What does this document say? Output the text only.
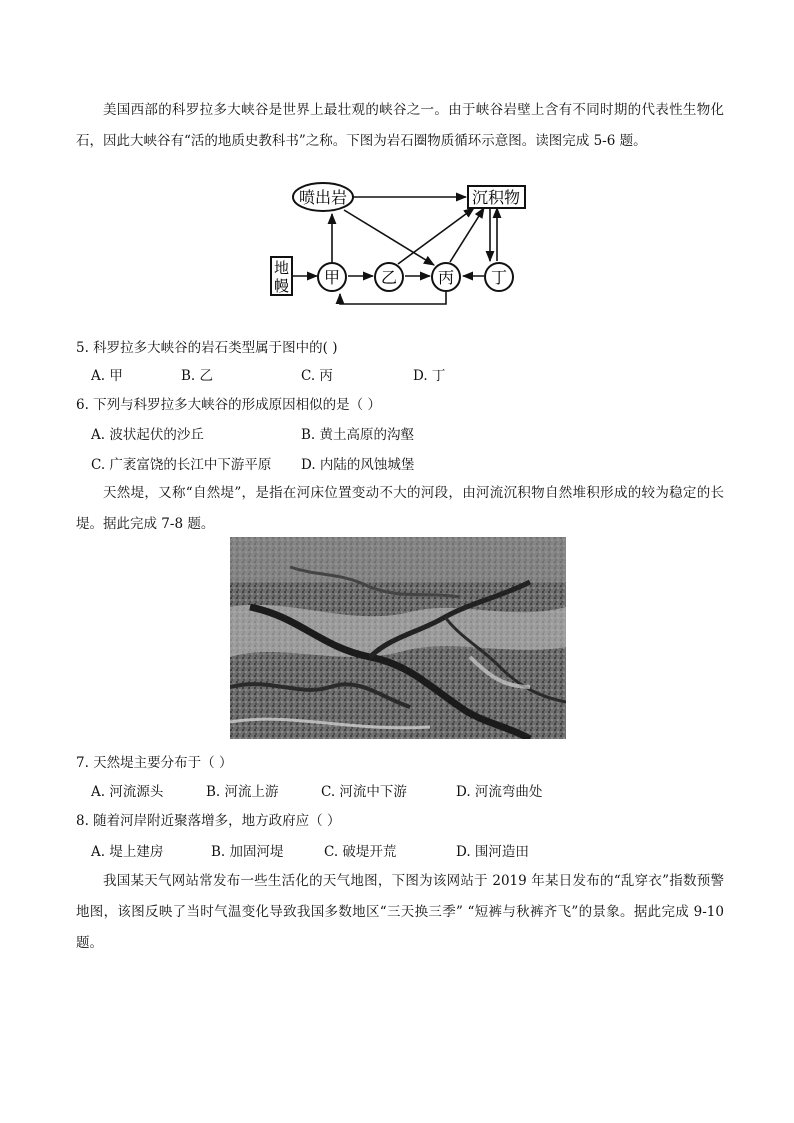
美国西部的科罗拉多大峡谷是世界上最壮观的峡谷之一。由于峡谷岩壁上含有不同时期的代表性生物化石，因此大峡谷有“活的地质史教科书”之称。下图为岩石圈物质循环示意图。读图完成 5-6 题。

喷出岩	沉积物
地
幔 甲	乙	丙 丁

5. 科罗拉多大峡谷的岩石类型属于图中的( )

A. 甲	B. 乙	C. 丙	D. 丁

6. 下列与科罗拉多大峡谷的形成原因相似的是（ ）

A. 波状起伏的沙丘	B. 黄土高原的沟壑
C. 广袤富饶的长江中下游平原 D. 内陆的风蚀城堡

天然堤，又称“自然堤”，是指在河床位置变动不大的河段，由河流沉积物自然堆积形成的较为稳定的长堤。据此完成 7-8 题。

7. 天然堤主要分布于（ ）

A. 河流源头	B. 河流上游	C. 河流中下游	D. 河流弯曲处

8. 随着河岸附近聚落增多，地方政府应（ ）

A. 堤上建房	B. 加固河堤	C. 破堤开荒	D. 围河造田

我国某天气网站常发布一些生活化的天气地图，下图为该网站于 2019 年某日发布的“乱穿衣”指数预警地图，该图反映了当时气温变化导致我国多数地区“三天换三季” “短裤与秋裤齐飞”的景象。据此完成 9-10 题。
